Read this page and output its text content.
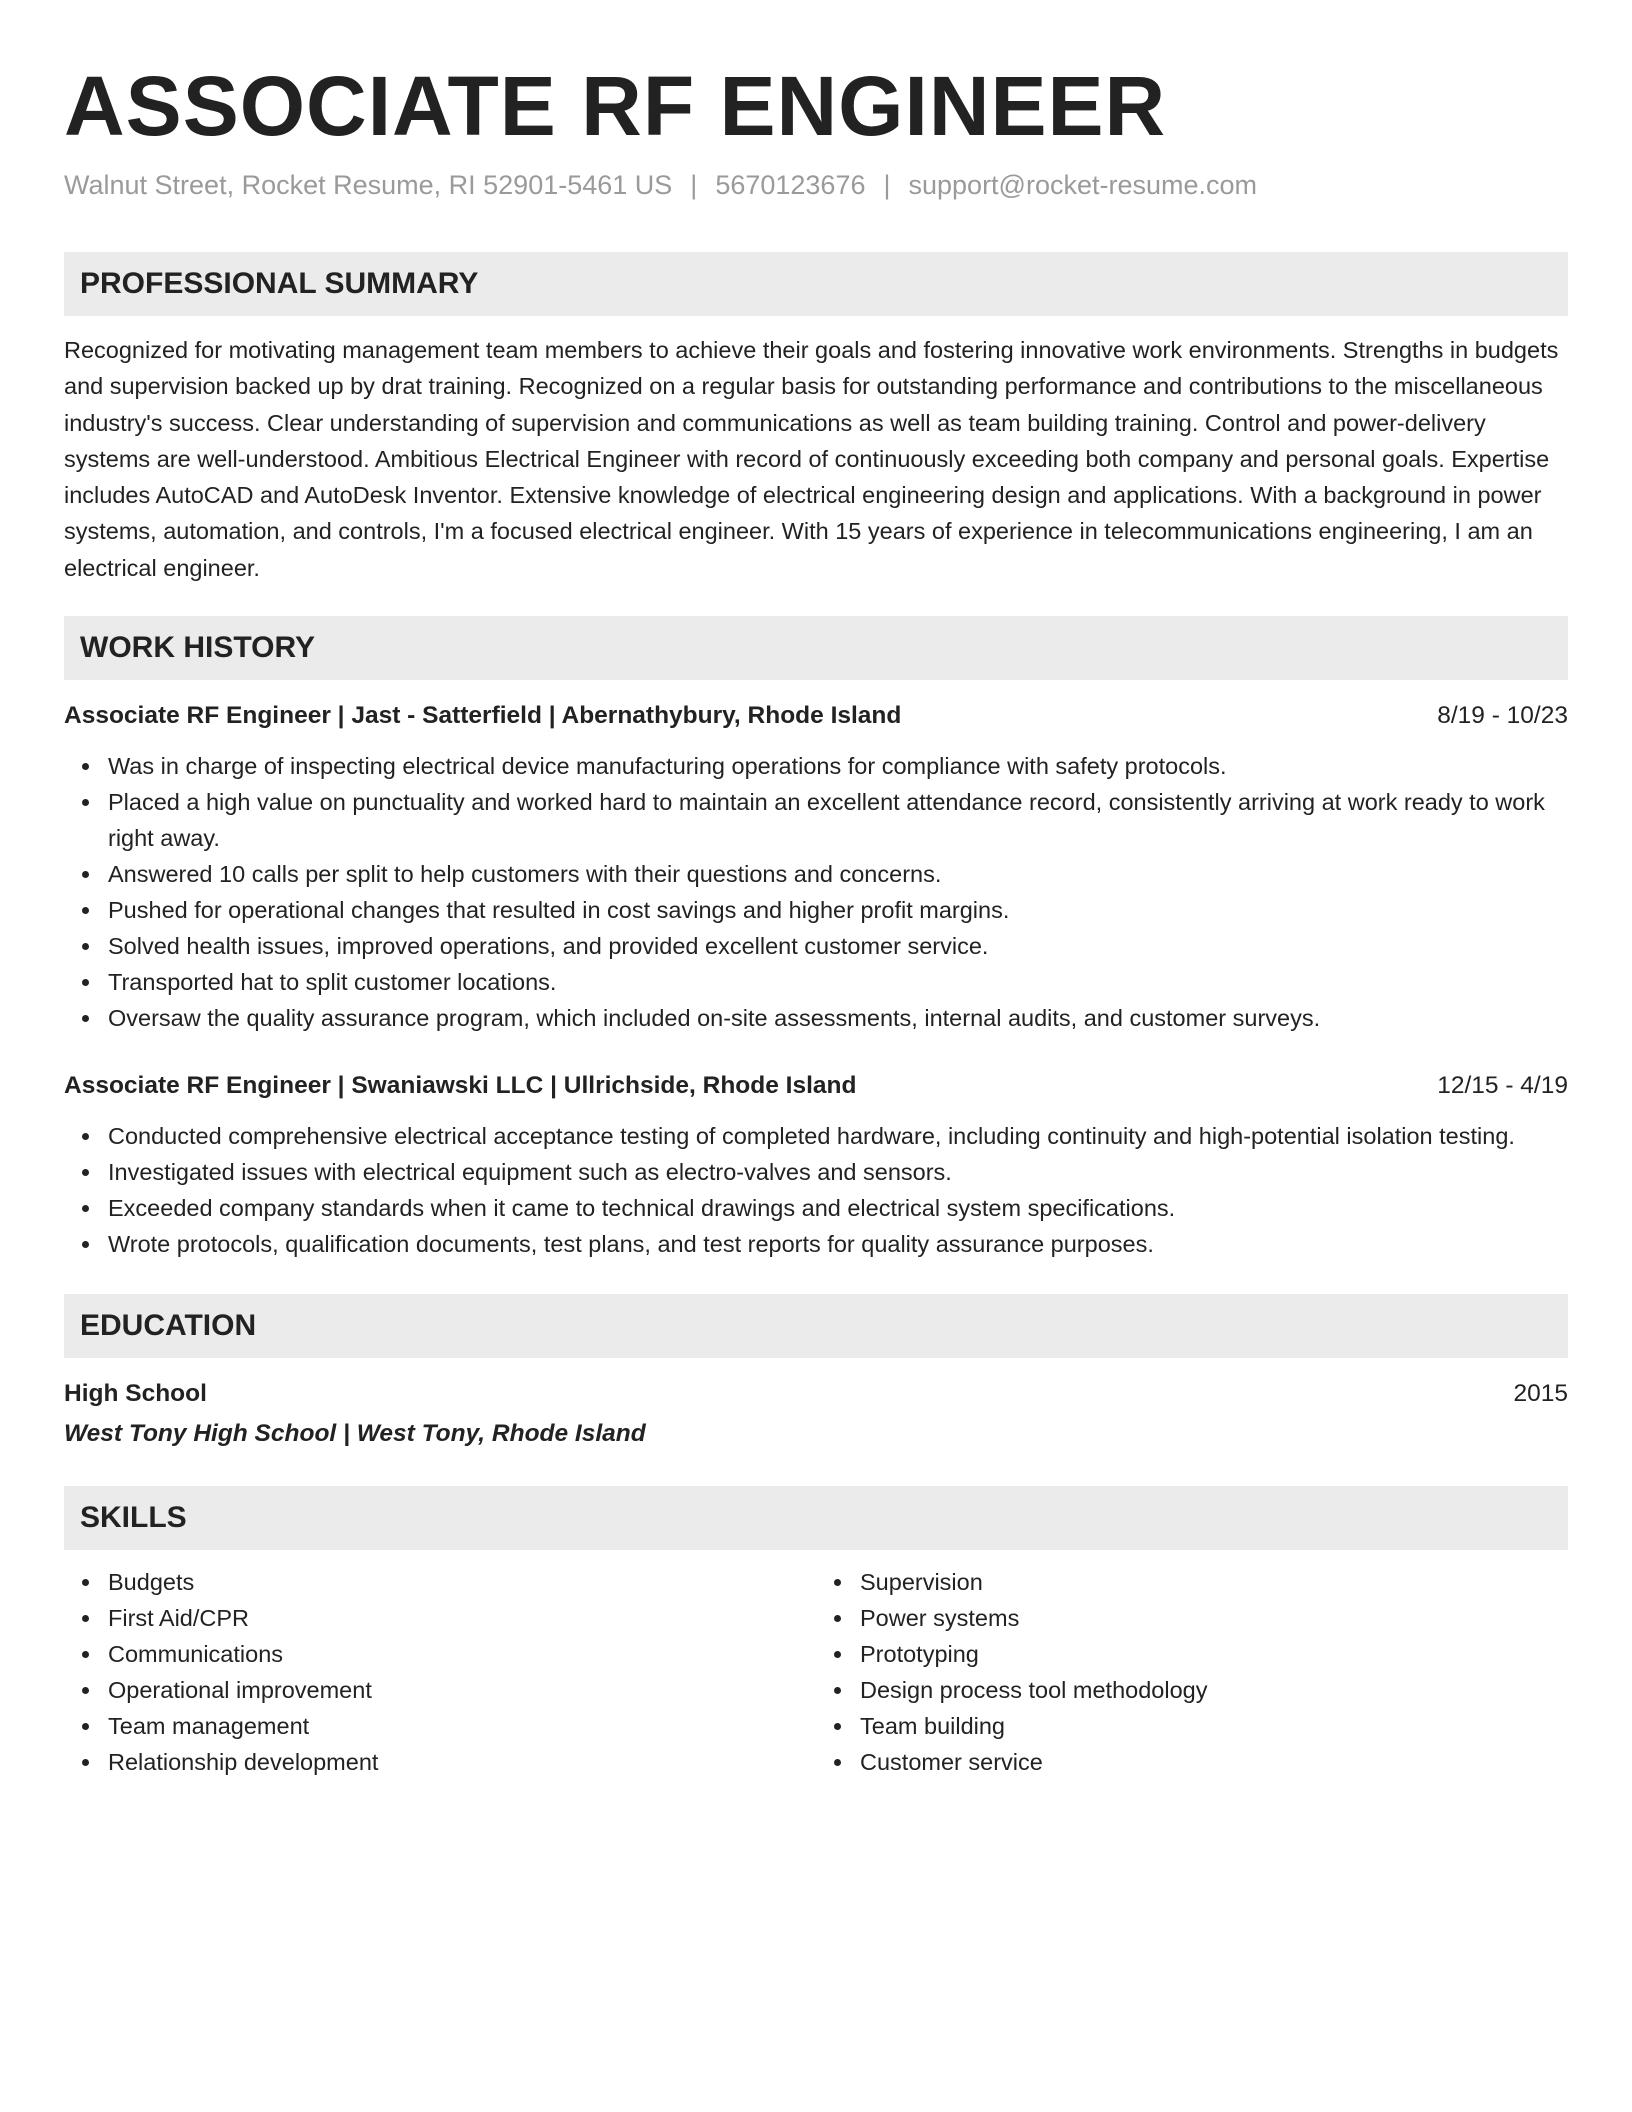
ASSOCIATE RF ENGINEER
Walnut Street, Rocket Resume, RI 52901-5461 US | 5670123676 | support@rocket-resume.com
PROFESSIONAL SUMMARY

Recognized for motivating management team members to achieve their goals and fostering innovative work environments. Strengths in budgets and supervision backed up by drat training. Recognized on a regular basis for outstanding performance and contributions to the miscellaneous industry's success. Clear understanding of supervision and communications as well as team building training. Control and power-delivery systems are well-understood. Ambitious Electrical Engineer with record of continuously exceeding both company and personal goals. Expertise includes AutoCAD and AutoDesk Inventor. Extensive knowledge of electrical engineering design and applications. With a background in power systems, automation, and controls, I'm a focused electrical engineer. With 15 years of experience in telecommunications engineering, I am an electrical engineer.

WORK HISTORY
Associate RF Engineer | Jast - Satterfield | Abernathybury, Rhode Island	8/19 - 10/23
Was in charge of inspecting electrical device manufacturing operations for compliance with safety protocols.
Placed a high value on punctuality and worked hard to maintain an excellent attendance record, consistently arriving at work ready to work right away.
Answered 10 calls per split to help customers with their questions and concerns.
Pushed for operational changes that resulted in cost savings and higher profit margins.
Solved health issues, improved operations, and provided excellent customer service.
Transported hat to split customer locations.
Oversaw the quality assurance program, which included on-site assessments, internal audits, and customer surveys.
Associate RF Engineer | Swaniawski LLC | Ullrichside, Rhode Island	12/15 - 4/19
Conducted comprehensive electrical acceptance testing of completed hardware, including continuity and high-potential isolation testing.
Investigated issues with electrical equipment such as electro-valves and sensors.
Exceeded company standards when it came to technical drawings and electrical system specifications.
Wrote protocols, qualification documents, test plans, and test reports for quality assurance purposes.
EDUCATION
High School	2015
West Tony High School | West Tony, Rhode Island
SKILLS
Budgets
First Aid/CPR
Communications
Operational improvement
Team management
Relationship development
Supervision
Power systems
Prototyping
Design process tool methodology
Team building
Customer service
